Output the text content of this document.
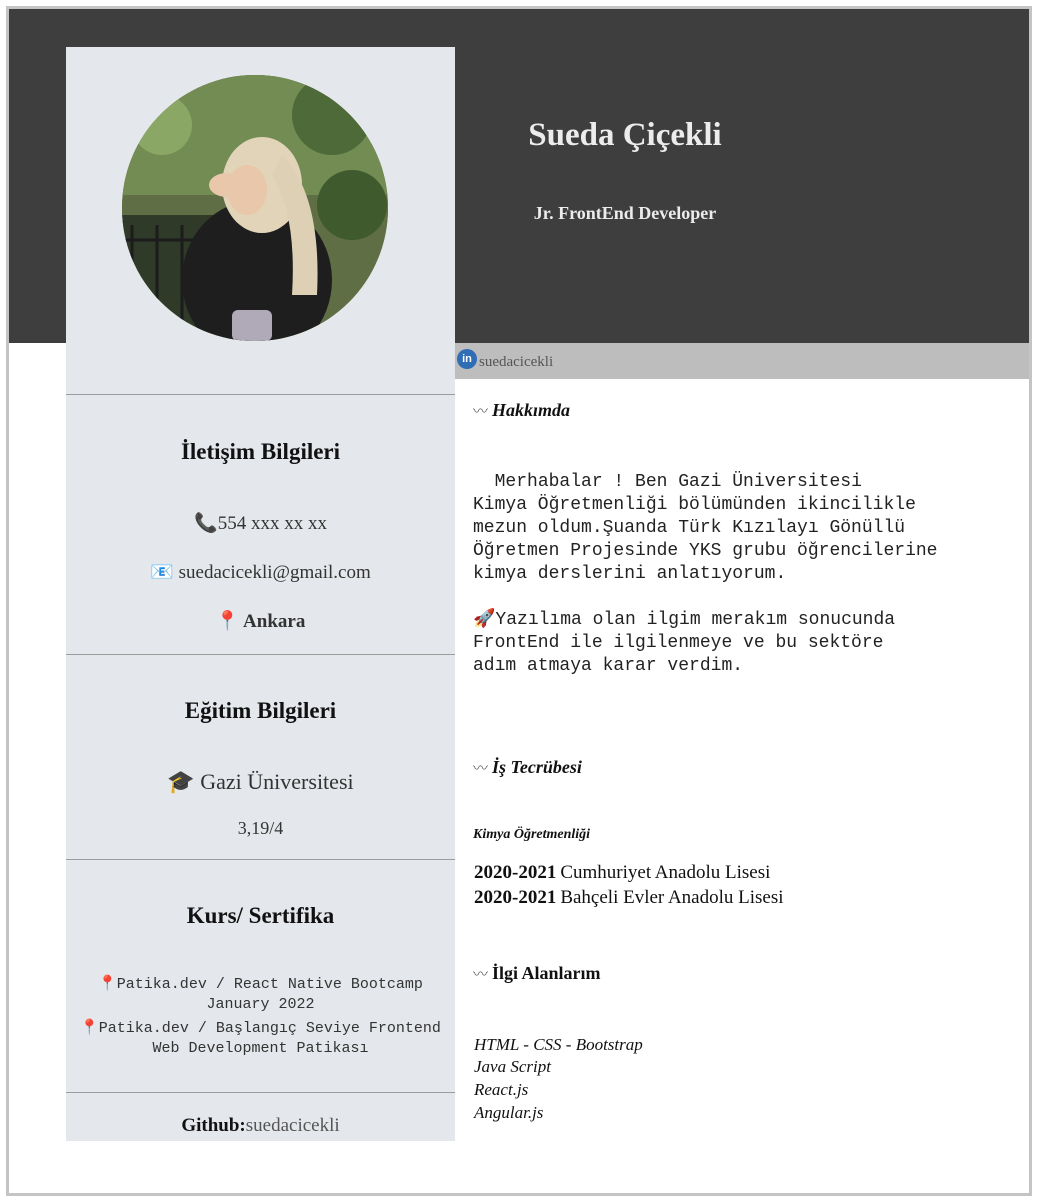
Sueda Çiçekli
Jr. FrontEnd Developer
İletişim Bilgileri
📞554 xxx xx xx
📧 suedacicekli@gmail.com
📍 Ankara
Eğitim Bilgileri
🎓 Gazi Üniversitesi
3,19/4
Kurs/ Sertifika
📍Patika.dev / React Native Bootcamp
January 2022
📍Patika.dev / Başlangıç Seviye Frontend
Web Development Patikası
Github:suedacicekli
in suedacicekli
〰 Hakkımda
Merhabalar ! Ben Gazi Üniversitesi
Kimya Öğretmenliği bölümünden ikincilikle
mezun oldum.Şuanda Türk Kızılayı Gönüllü
Öğretmen Projesinde YKS grubu öğrencilerine
kimya derslerini anlatıyorum.

🚀Yazılıma olan ilgim merakım sonucunda
FrontEnd ile ilgilenmeye ve bu sektöre
adım atmaya karar verdim.
〰 İş Tecrübesi
Kimya Öğretmenliği
2020-2021 Cumhuriyet Anadolu Lisesi
2020-2021 Bahçeli Evler Anadolu Lisesi
〰 İlgi Alanlarım
HTML - CSS - Bootstrap
Java Script
React.js
Angular.js
